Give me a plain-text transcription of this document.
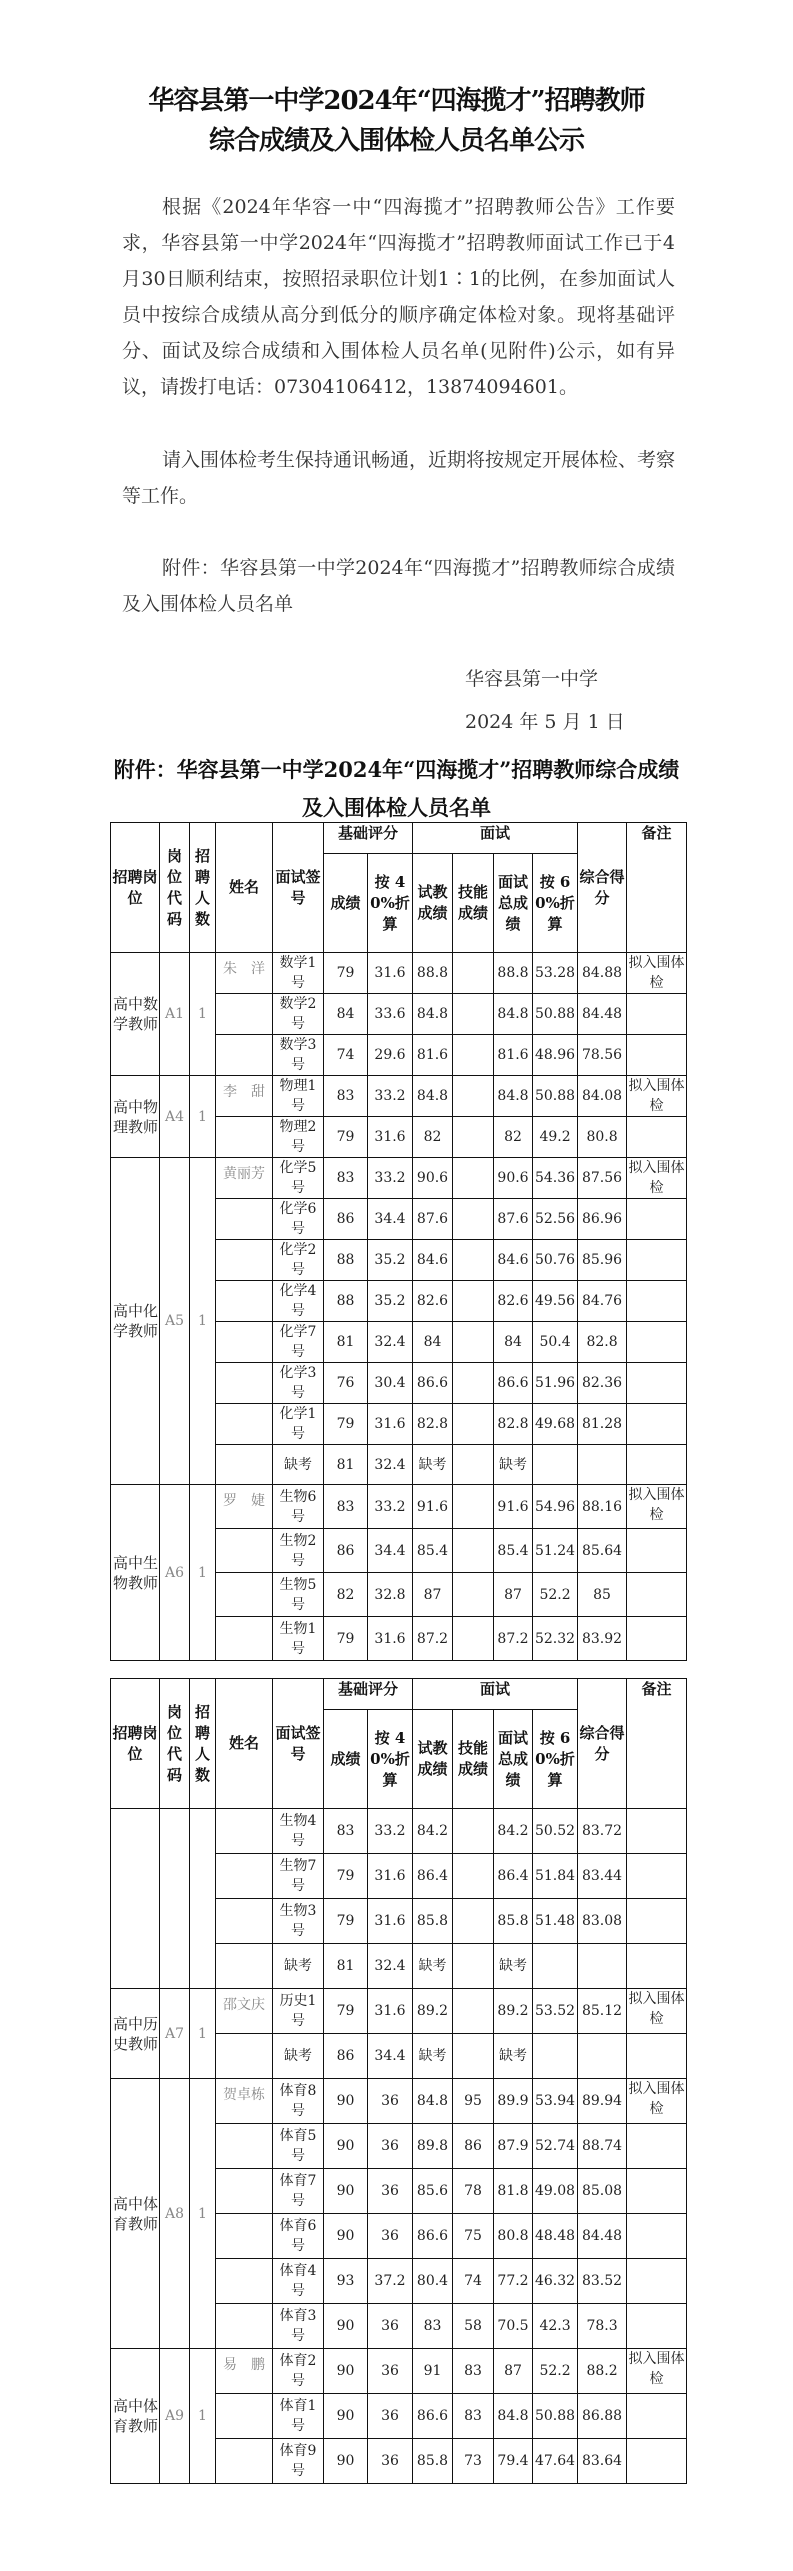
华容县第一中学2024年“四海揽才”招聘教师
综合成绩及入围体检人员名单公示
根据《2024年华容一中“四海揽才”招聘教师公告》工作要求，华容县第一中学2024年“四海揽才”招聘教师面试工作已于4月30日顺利结束，按照招录职位计划1∶1的比例，在参加面试人员中按综合成绩从高分到低分的顺序确定体检对象。现将基础评分、面试及综合成绩和入围体检人员名单(见附件)公示，如有异议，请拨打电话：07304106412，13874094601。
请入围体检考生保持通讯畅通，近期将按规定开展体检、考察等工作。
附件：华容县第一中学2024年“四海揽才”招聘教师综合成绩及入围体检人员名单
华容县第一中学
2024 年 5 月 1 日
附件：华容县第一中学2024年“四海揽才”招聘教师综合成绩
及入围体检人员名单
招聘岗位	岗位代码	招聘人数	姓名	面试签号	基础评分		面试				综合得分	备注
					成绩	按 40%折算	试教成绩	技能成绩	面试总成绩	按 60%折算		
高中数学教师	A1	1	朱　洋	数学1号	79	31.6	88.8		88.8	53.28	84.88	拟入围体检
				数学2号	84	33.6	84.8		84.8	50.88	84.48	
				数学3号	74	29.6	81.6		81.6	48.96	78.56	
高中物理教师	A4	1	李　甜	物理1号	83	33.2	84.8		84.8	50.88	84.08	拟入围体检
				物理2号	79	31.6	82		82	49.2	80.8	
高中化学教师	A5	1	黄丽芳	化学5号	83	33.2	90.6		90.6	54.36	87.56	拟入围体检
				化学6号	86	34.4	87.6		87.6	52.56	86.96	
				化学2号	88	35.2	84.6		84.6	50.76	85.96	
				化学4号	88	35.2	82.6		82.6	49.56	84.76	
				化学7号	81	32.4	84		84	50.4	82.8	
				化学3号	76	30.4	86.6		86.6	51.96	82.36	
				化学1号	79	31.6	82.8		82.8	49.68	81.28	
				缺考	81	32.4	缺考		缺考			
高中生物教师	A6	1	罗　婕	生物6号	83	33.2	91.6		91.6	54.96	88.16	拟入围体检
				生物2号	86	34.4	85.4		85.4	51.24	85.64	
				生物5号	82	32.8	87		87	52.2	85	
				生物1号	79	31.6	87.2		87.2	52.32	83.92	
招聘岗位	岗位代码	招聘人数	姓名	面试签号	基础评分		面试				综合得分	备注
					成绩	按 40%折算	试教成绩	技能成绩	面试总成绩	按 60%折算		
				生物4号	83	33.2	84.2		84.2	50.52	83.72	
				生物7号	79	31.6	86.4		86.4	51.84	83.44	
				生物3号	79	31.6	85.8		85.8	51.48	83.08	
				缺考	81	32.4	缺考		缺考			
高中历史教师	A7	1	邵文庆	历史1号	79	31.6	89.2		89.2	53.52	85.12	拟入围体检
				缺考	86	34.4	缺考		缺考			
高中体育教师	A8	1	贺卓栋	体育8号	90	36	84.8	95	89.9	53.94	89.94	拟入围体检
				体育5号	90	36	89.8	86	87.9	52.74	88.74	
				体育7号	90	36	85.6	78	81.8	49.08	85.08	
				体育6号	90	36	86.6	75	80.8	48.48	84.48	
				体育4号	93	37.2	80.4	74	77.2	46.32	83.52	
				体育3号	90	36	83	58	70.5	42.3	78.3	
高中体育教师	A9	1	易　鹏	体育2号	90	36	91	83	87	52.2	88.2	拟入围体检
				体育1号	90	36	86.6	83	84.8	50.88	86.88	
				体育9号	90	36	85.8	73	79.4	47.64	83.64	
